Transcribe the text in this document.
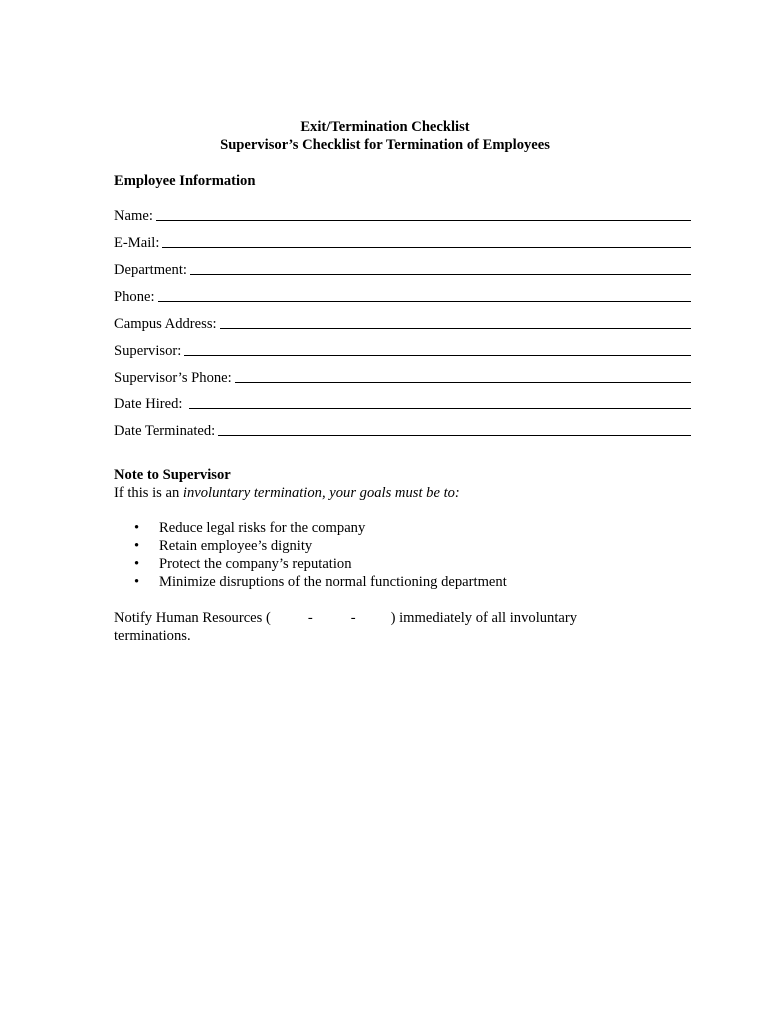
Exit/Termination Checklist
Supervisor’s Checklist for Termination of Employees
Employee Information
Name:
E-Mail:
Department:
Phone:
Campus Address:
Supervisor:
Supervisor’s Phone:
Date Hired:
Date Terminated:
Note to Supervisor
If this is an involuntary termination, your goals must be to:
• Reduce legal risks for the company
• Retain employee’s dignity
• Protect the company’s reputation
• Minimize disruptions of the normal functioning department
Notify Human Resources (	-	- ) immediately of all involuntary
terminations.
